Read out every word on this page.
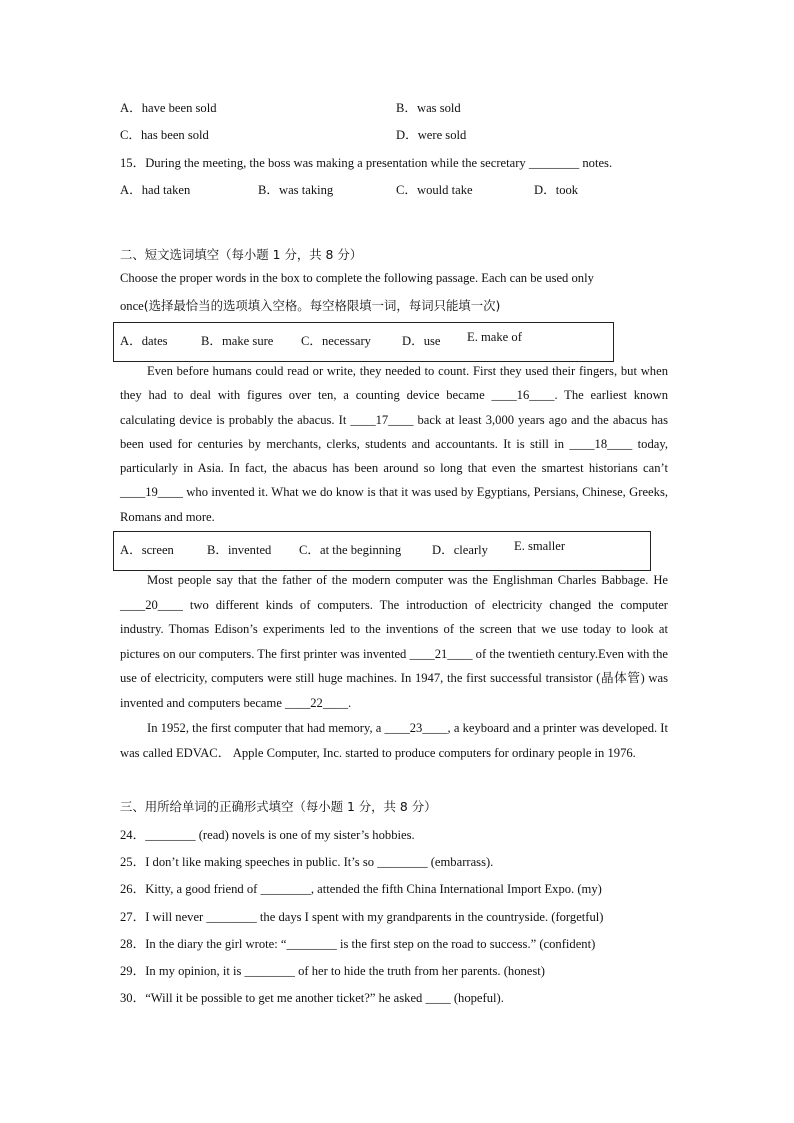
A．have been sold	B．was sold
C．has been sold	D．were sold
15．During the meeting, the boss was making a presentation while the secretary ________ notes.
A．had taken	B．was taking	C．would take	D．took
二、短文选词填空（每小题 1 分，共 8 分）
Choose the proper words in the box to complete the following passage. Each can be used only
once(选择最恰当的选项填入空格。每空格限填一词，每词只能填一次)
A．dates	B．make sure C．necessary D．use E. make of

Even before humans could read or write, they needed to count. First they used their fingers, but when they had to deal with figures over ten, a counting device became ____16____. The earliest known calculating device is probably the abacus. It ____17____ back at least 3,000 years ago and the abacus has been used for centuries by merchants, clerks, students and accountants. It is still in ____18____ today, particularly in Asia. In fact, the abacus has been around so long that even the smartest historians can’t ____19____ who invented it. What we do know is that it was used by Egyptians, Persians, Chinese, Greeks, Romans and more.

A．screen	B．invented C．at the beginning D．clearly E. smaller

Most people say that the father of the modern computer was the Englishman Charles Babbage. He ____20____ two different kinds of computers. The introduction of electricity changed the computer industry. Thomas Edison’s experiments led to the inventions of the screen that we use today to look at pictures on our computers. The first printer was invented ____21____ of the twentieth century.Even with the use of electricity, computers were still huge machines. In 1947, the first successful transistor (晶体管) was invented and computers became ____22____.

In 1952, the first computer that had memory, a ____23____, a keyboard and a printer was developed. It was called EDVAC． Apple Computer, Inc. started to produce computers for ordinary people in 1976.

三、用所给单词的正确形式填空（每小题 1 分，共 8 分）
24．________ (read) novels is one of my sister’s hobbies.
25．I don’t like making speeches in public. It’s so ________ (embarrass).
26．Kitty, a good friend of ________, attended the fifth China International Import Expo. (my)
27．I will never ________ the days I spent with my grandparents in the countryside. (forgetful)
28．In the diary the girl wrote: “________ is the first step on the road to success.” (confident)
29．In my opinion, it is ________ of her to hide the truth from her parents. (honest)
30．“Will it be possible to get me another ticket?” he asked ____ (hopeful).
